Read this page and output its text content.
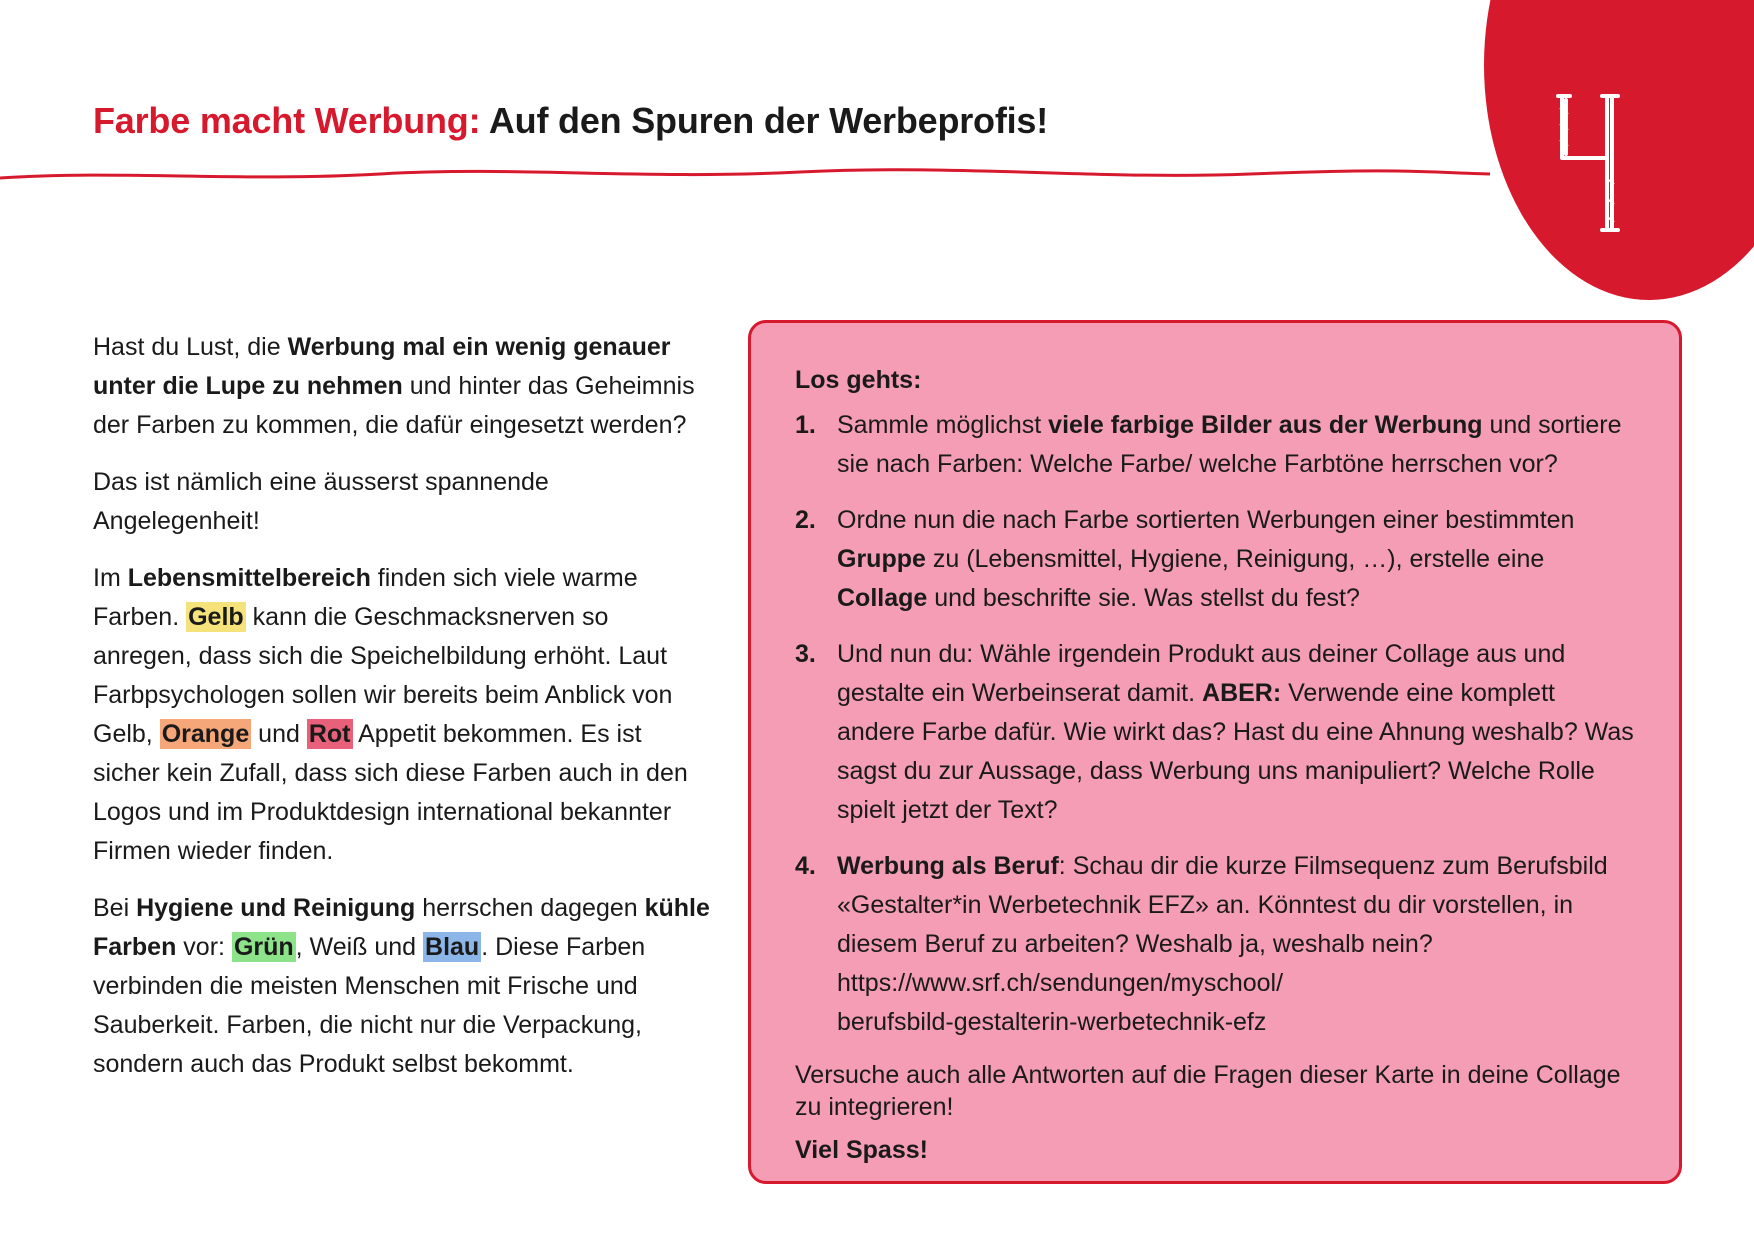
Farbe macht Werbung: Auf den Spuren der Werbeprofis!

Hast du Lust, die Werbung mal ein wenig genauer unter die Lupe zu nehmen und hinter das Geheimnis der Farben zu kommen, die dafür eingesetzt werden?

Das ist nämlich eine äusserst spannende Angelegenheit!

Im Lebensmittelbereich finden sich viele warme Farben. Gelb kann die Geschmacksnerven so anregen, dass sich die Speichelbildung erhöht. Laut Farbpsychologen sollen wir bereits beim Anblick von Gelb, Orange und Rot Appetit bekommen. Es ist sicher kein Zufall, dass sich diese Farben auch in den Logos und im Produktdesign international bekannter Firmen wieder finden.

Bei Hygiene und Reinigung herrschen dagegen kühle Farben vor: Grün, Weiß und Blau. Diese Farben verbinden die meisten Menschen mit Frische und Sauberkeit. Farben, die nicht nur die Verpackung, sondern auch das Produkt selbst bekommt.

Los gehts:

1. Sammle möglichst viele farbige Bilder aus der Werbung und sortiere sie nach Farben: Welche Farbe/ welche Farbtöne herrschen vor?
2. Ordne nun die nach Farbe sortierten Werbungen einer bestimmten Gruppe zu (Lebensmittel, Hygiene, Reinigung, …), erstelle eine Collage und beschrifte sie. Was stellst du fest?
3. Und nun du: Wähle irgendein Produkt aus deiner Collage aus und gestalte ein Werbeinserat damit. ABER: Verwende eine komplett andere Farbe dafür. Wie wirkt das? Hast du eine Ahnung weshalb? Was sagst du zur Aussage, dass Werbung uns manipuliert? Welche Rolle spielt jetzt der Text?
4. Werbung als Beruf: Schau dir die kurze Filmsequenz zum Berufsbild «Gestalter*in Werbetechnik EFZ» an. Könntest du dir vorstellen, in diesem Beruf zu arbeiten? Weshalb ja, weshalb nein?
https://www.srf.ch/sendungen/myschool/
berufsbild-gestalterin-werbetechnik-efz

Versuche auch alle Antworten auf die Fragen dieser Karte in deine Collage zu integrieren!

Viel Spass!
